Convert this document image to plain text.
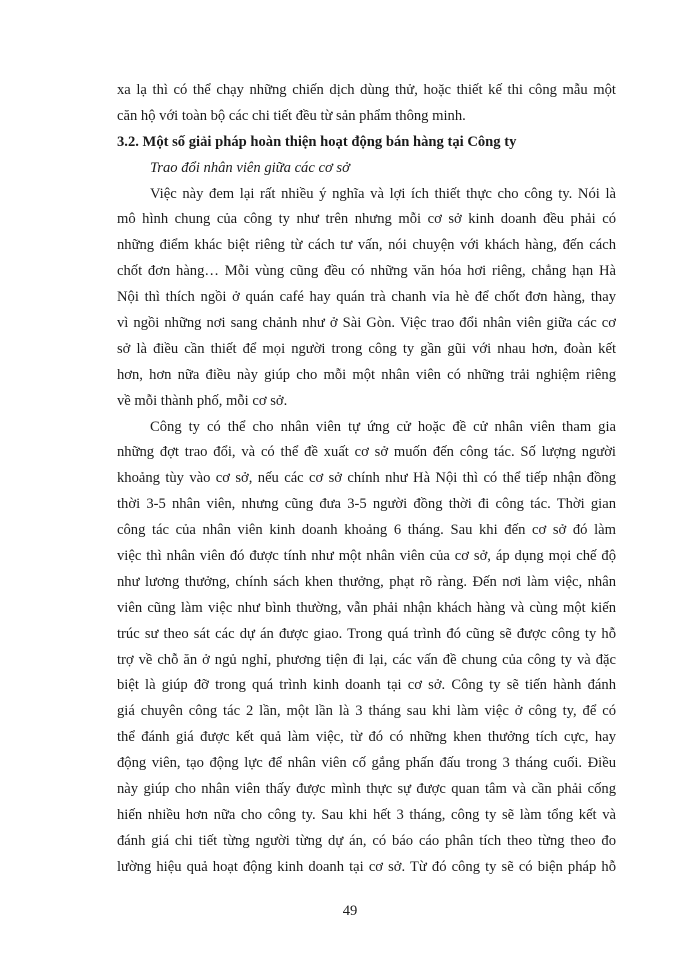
xa lạ thì có thể chạy những chiến dịch dùng thử, hoặc thiết kế thi công mẫu một
căn hộ với toàn bộ các chi tiết đều từ sản phẩm thông minh.
3.2. Một số giải pháp hoàn thiện hoạt động bán hàng tại Công ty
Trao đổi nhân viên giữa các cơ sở
Việc này đem lại rất nhiều ý nghĩa và lợi ích thiết thực cho công ty. Nói là
mô hình chung của công ty như trên nhưng mỗi cơ sở kinh doanh đều phải có
những điểm khác biệt riêng từ cách tư vấn, nói chuyện với khách hàng, đến cách
chốt đơn hàng… Mỗi vùng cũng đều có những văn hóa hơi riêng, chẳng hạn Hà
Nội thì thích ngồi ở quán café hay quán trà chanh vỉa hè để chốt đơn hàng, thay
vì ngồi những nơi sang chảnh như ở Sài Gòn. Việc trao đổi nhân viên giữa các cơ
sở là điều cần thiết để mọi người trong công ty gần gũi với nhau hơn, đoàn kết
hơn, hơn nữa điều này giúp cho mỗi một nhân viên có những trải nghiệm riêng
về mỗi thành phố, mỗi cơ sở.
Công ty có thể cho nhân viên tự ứng cử hoặc đề cử nhân viên tham gia
những đợt trao đổi, và có thể đề xuất cơ sở muốn đến công tác. Số lượng người
khoảng tùy vào cơ sở, nếu các cơ sở chính như Hà Nội thì có thể tiếp nhận đồng
thời 3-5 nhân viên, nhưng cũng đưa 3-5 người đồng thời đi công tác. Thời gian
công tác của nhân viên kinh doanh khoảng 6 tháng. Sau khi đến cơ sở đó làm
việc thì nhân viên đó được tính như một nhân viên của cơ sở, áp dụng mọi chế độ
như lương thưởng, chính sách khen thưởng, phạt rõ ràng. Đến nơi làm việc, nhân
viên cũng làm việc như bình thường, vẫn phải nhận khách hàng và cùng một kiến
trúc sư theo sát các dự án được giao. Trong quá trình đó cũng sẽ được công ty hỗ
trợ về chỗ ăn ở ngủ nghỉ, phương tiện đi lại, các vấn đề chung của công ty và đặc
biệt là giúp đỡ trong quá trình kinh doanh tại cơ sở. Công ty sẽ tiến hành đánh
giá chuyên công tác 2 lần, một lần là 3 tháng sau khi làm việc ở công ty, để có
thể đánh giá được kết quả làm việc, từ đó có những khen thưởng tích cực, hay
động viên, tạo động lực để nhân viên cố gắng phấn đấu trong 3 tháng cuối. Điều
này giúp cho nhân viên thấy được mình thực sự được quan tâm và cần phải cống
hiến nhiều hơn nữa cho công ty. Sau khi hết 3 tháng, công ty sẽ làm tổng kết và
đánh giá chi tiết từng người từng dự án, có báo cáo phân tích theo từng theo đo
lường hiệu quả hoạt động kinh doanh tại cơ sở. Từ đó công ty sẽ có biện pháp hỗ
49
